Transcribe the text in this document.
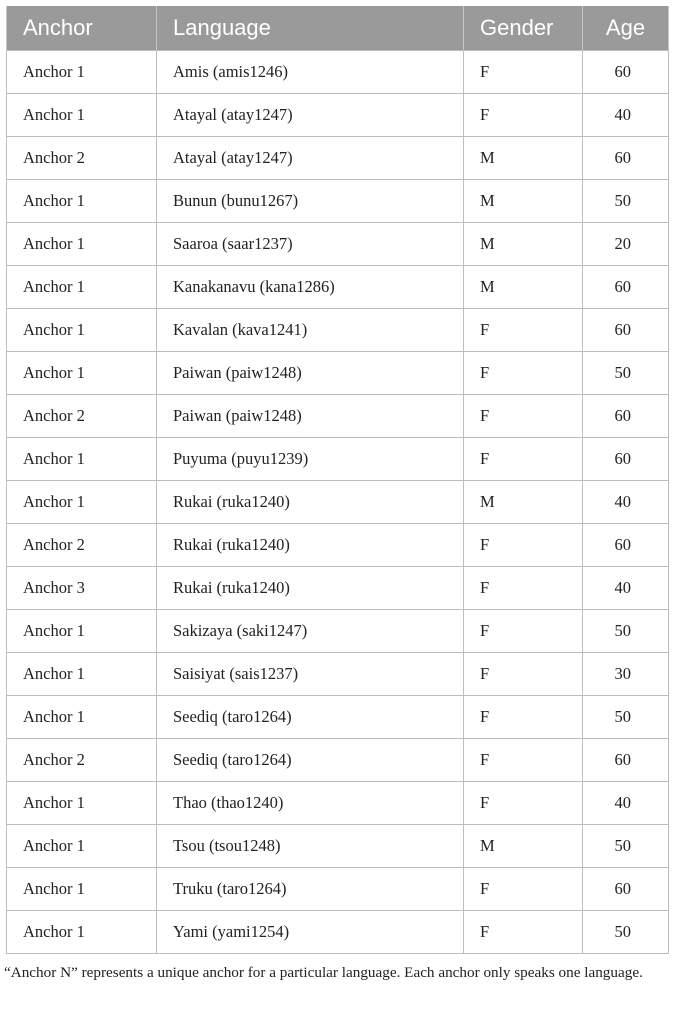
Anchor	Language	Gender	Age
Anchor 1	Amis (amis1246)	F	60
Anchor 1	Atayal (atay1247)	F	40
Anchor 2	Atayal (atay1247)	M	60
Anchor 1	Bunun (bunu1267)	M	50
Anchor 1	Saaroa (saar1237)	M	20
Anchor 1	Kanakanavu (kana1286)	M	60
Anchor 1	Kavalan (kava1241)	F	60
Anchor 1	Paiwan (paiw1248)	F	50
Anchor 2	Paiwan (paiw1248)	F	60
Anchor 1	Puyuma (puyu1239)	F	60
Anchor 1	Rukai (ruka1240)	M	40
Anchor 2	Rukai (ruka1240)	F	60
Anchor 3	Rukai (ruka1240)	F	40
Anchor 1	Sakizaya (saki1247)	F	50
Anchor 1	Saisiyat (sais1237)	F	30
Anchor 1	Seediq (taro1264)	F	50
Anchor 2	Seediq (taro1264)	F	60
Anchor 1	Thao (thao1240)	F	40
Anchor 1	Tsou (tsou1248)	M	50
Anchor 1	Truku (taro1264)	F	60
Anchor 1	Yami (yami1254)	F	50

“Anchor N” represents a unique anchor for a particular language. Each anchor only speaks one language.
